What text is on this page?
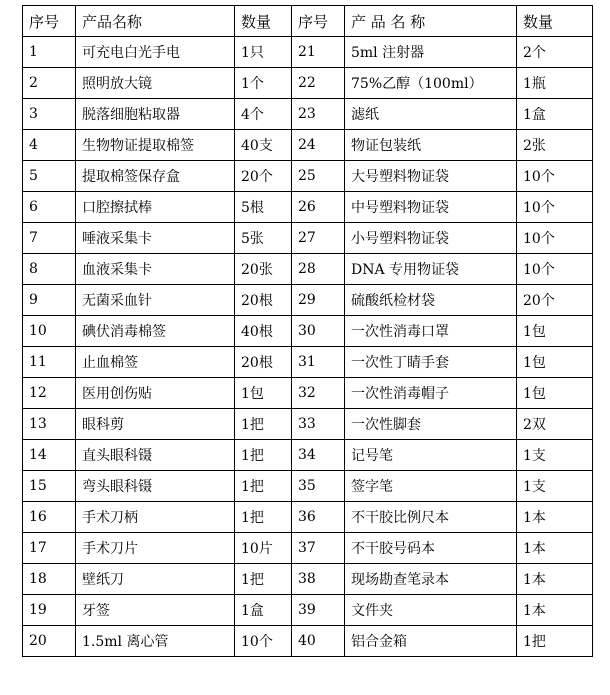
序号	产品名称	数量	序号	产 品 名 称	数量
1	可充电白光手电	1只	21	5ml 注射器	2个
2	照明放大镜	1个	22	75%乙醇（100ml）	1瓶
3	脱落细胞粘取器	4个	23	滤纸	1盒
4	生物物证提取棉签	40支	24	物证包装纸	2张
5	提取棉签保存盒	20个	25	大号塑料物证袋	10个
6	口腔擦拭棒	5根	26	中号塑料物证袋	10个
7	唾液采集卡	5张	27	小号塑料物证袋	10个
8	血液采集卡	20张	28	DNA 专用物证袋	10个
9	无菌采血针	20根	29	硫酸纸检材袋	20个
10	碘伏消毒棉签	40根	30	一次性消毒口罩	1包
11	止血棉签	20根	31	一次性丁睛手套	1包
12	医用创伤贴	1包	32	一次性消毒帽子	1包
13	眼科剪	1把	33	一次性脚套	2双
14	直头眼科镊	1把	34	记号笔	1支
15	弯头眼科镊	1把	35	签字笔	1支
16	手术刀柄	1把	36	不干胶比例尺本	1本
17	手术刀片	10片	37	不干胶号码本	1本
18	壁纸刀	1把	38	现场勘查笔录本	1本
19	牙签	1盒	39	文件夹	1本
20	1.5ml 离心管	10个	40	铝合金箱	1把
